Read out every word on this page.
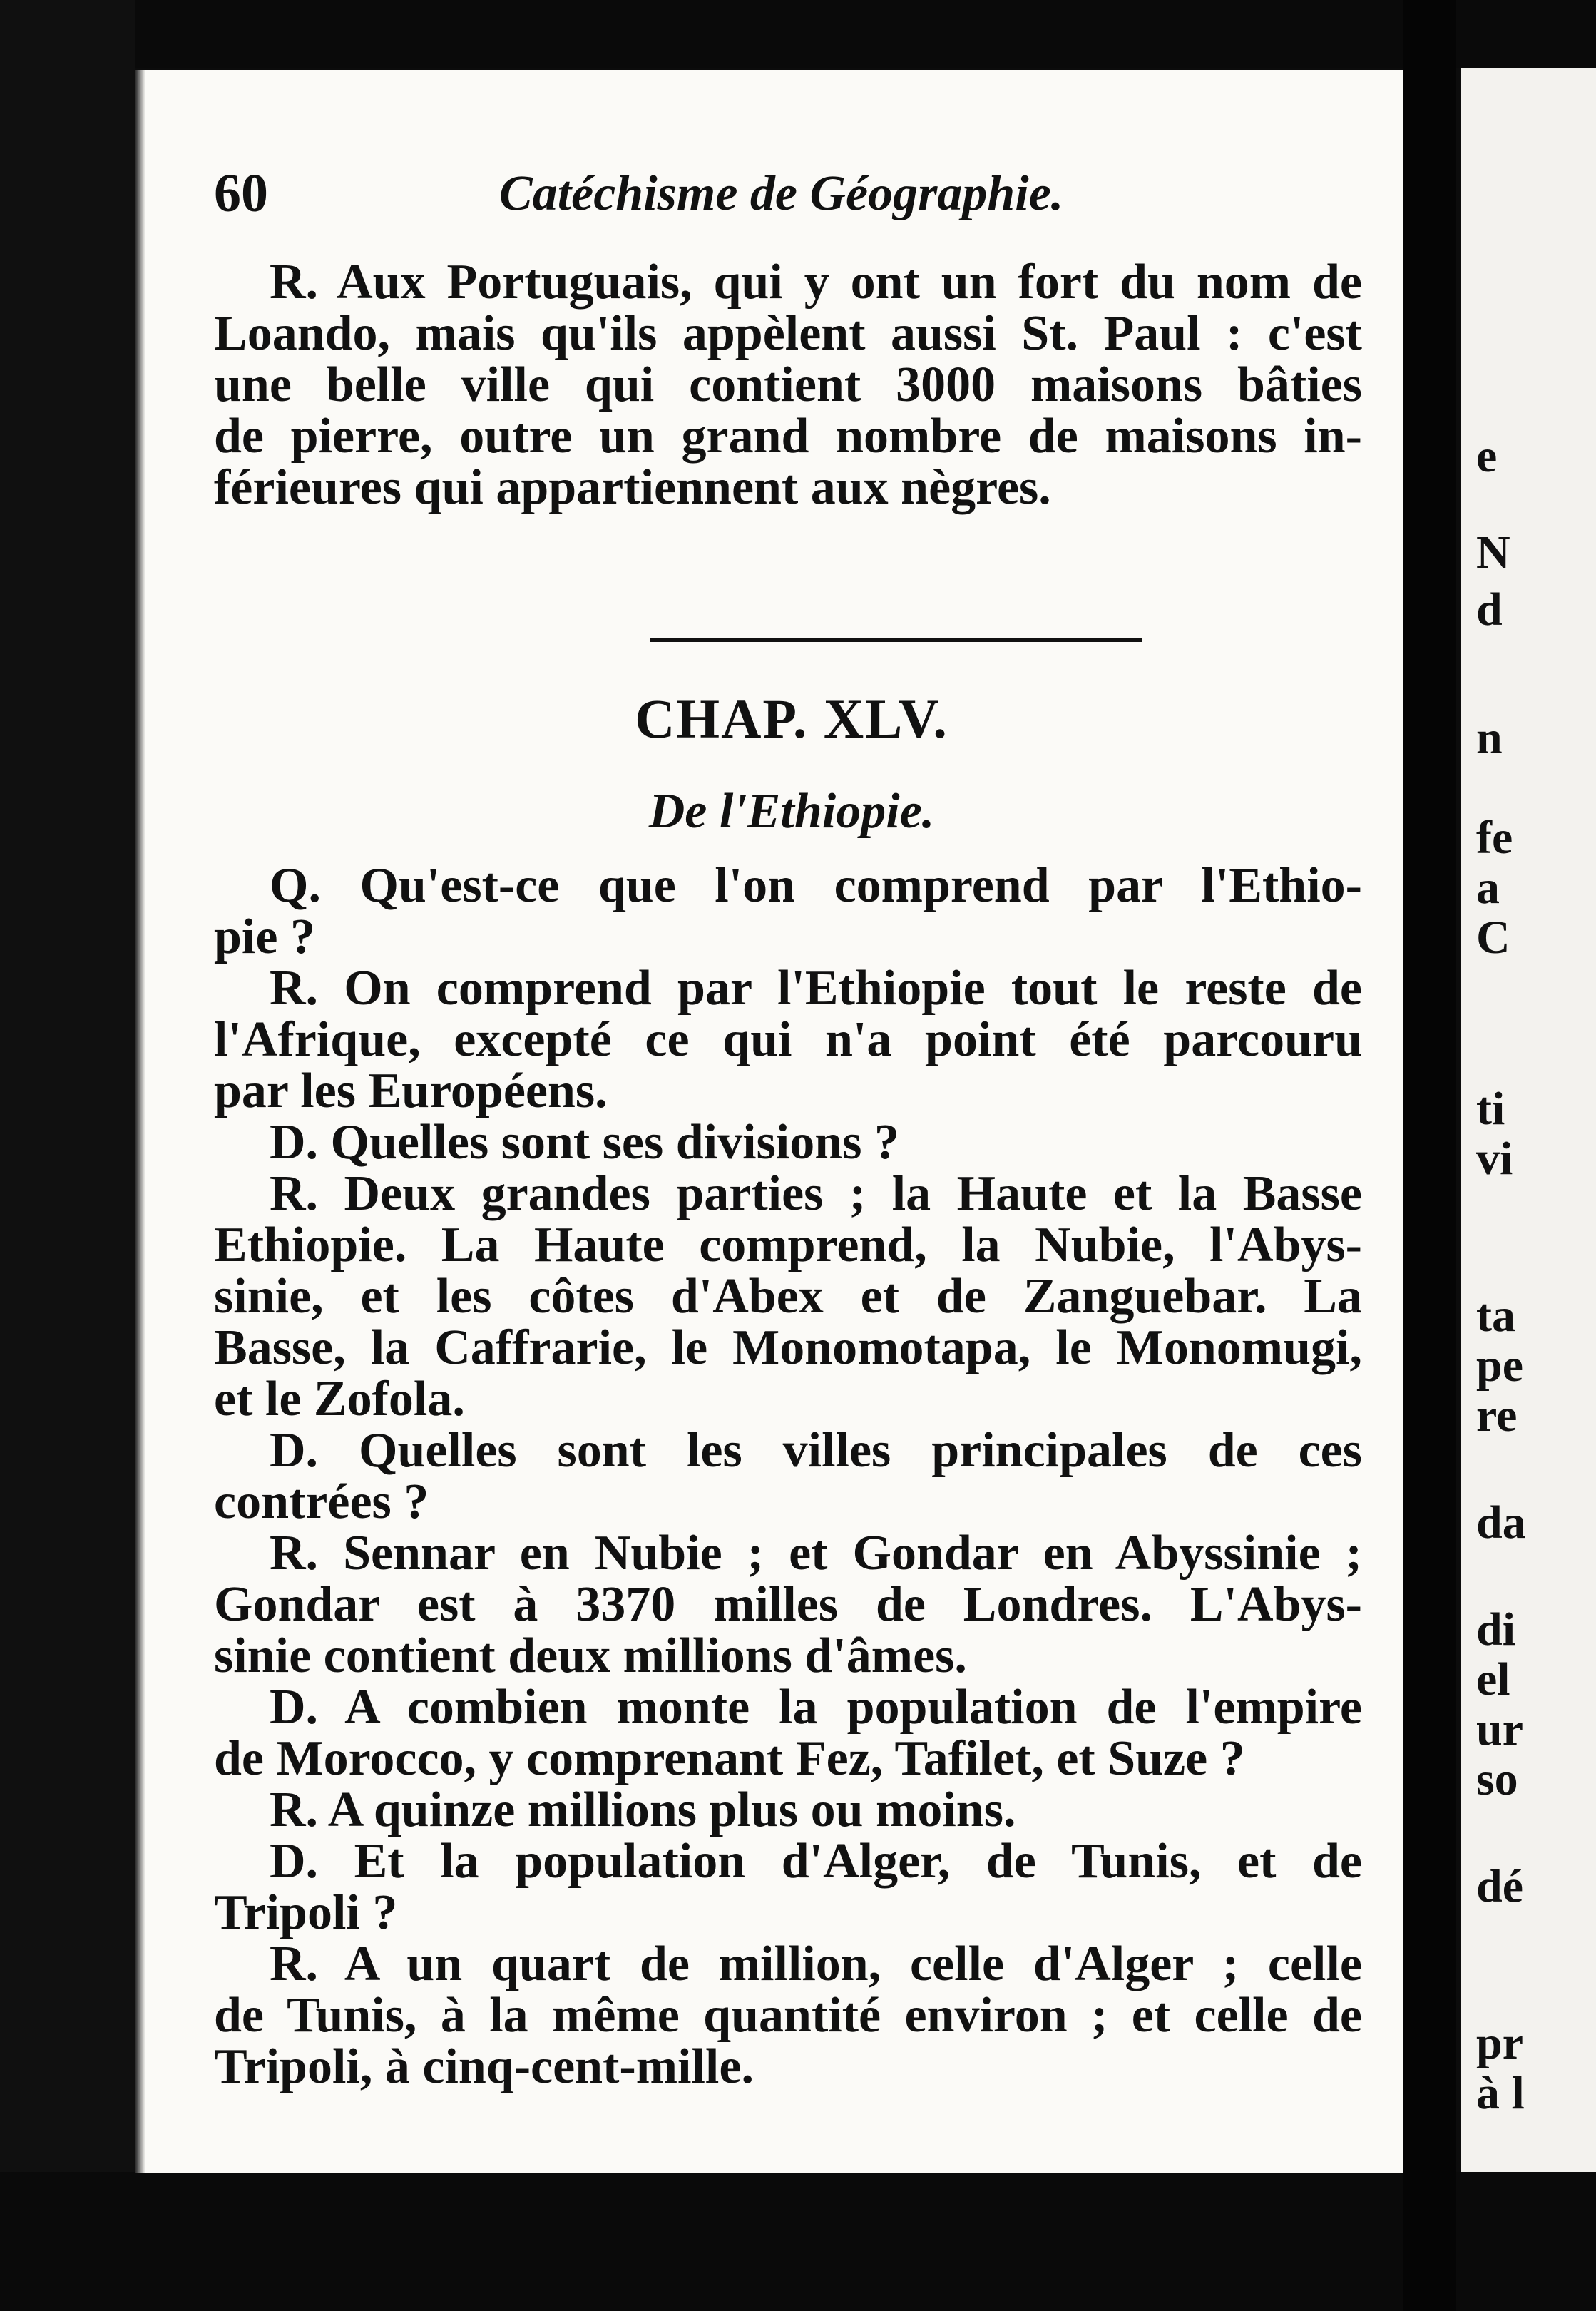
60	Catéchisme de Géographie.

R. Aux Portuguais, qui y ont un fort du nom de
Loando, mais qu'ils appèlent aussi St. Paul : c'est
une belle ville qui contient 3000 maisons bâties
de pierre, outre un grand nombre de maisons in-
férieures qui appartiennent aux nègres.

CHAP. XLV.
De l'Ethiopie.

Q. Qu'est-ce que l'on comprend par l'Ethio-
pie ?

R. On comprend par l'Ethiopie tout le reste de
l'Afrique, excepté ce qui n'a point été parcouru
par les Européens.

D. Quelles sont ses divisions ?

R. Deux grandes parties ; la Haute et la Basse
Ethiopie. La Haute comprend, la Nubie, l'Abys-
sinie, et les côtes d'Abex et de Zanguebar. La
Basse, la Caffrarie, le Monomotapa, le Monomugi,
et le Zofola.

D. Quelles sont les villes principales de ces
contrées ?

R. Sennar en Nubie ; et Gondar en Abyssinie ;
Gondar est à 3370 milles de Londres. L'Abys-
sinie contient deux millions d'âmes.

D. A combien monte la population de l'empire
de Morocco, y comprenant Fez, Tafilet, et Suze ?

R. A quinze millions plus ou moins.

D. Et la population d'Alger, de Tunis, et de
Tripoli ?

R. A un quart de million, celle d'Alger ; celle
de Tunis, à la même quantité environ ; et celle de
Tripoli, à cinq-cent-mille.

e
N
d
n
fe
a
C
ti
vi
ta
pe
re
da
di
el
ur
so
dé
pr
à l
